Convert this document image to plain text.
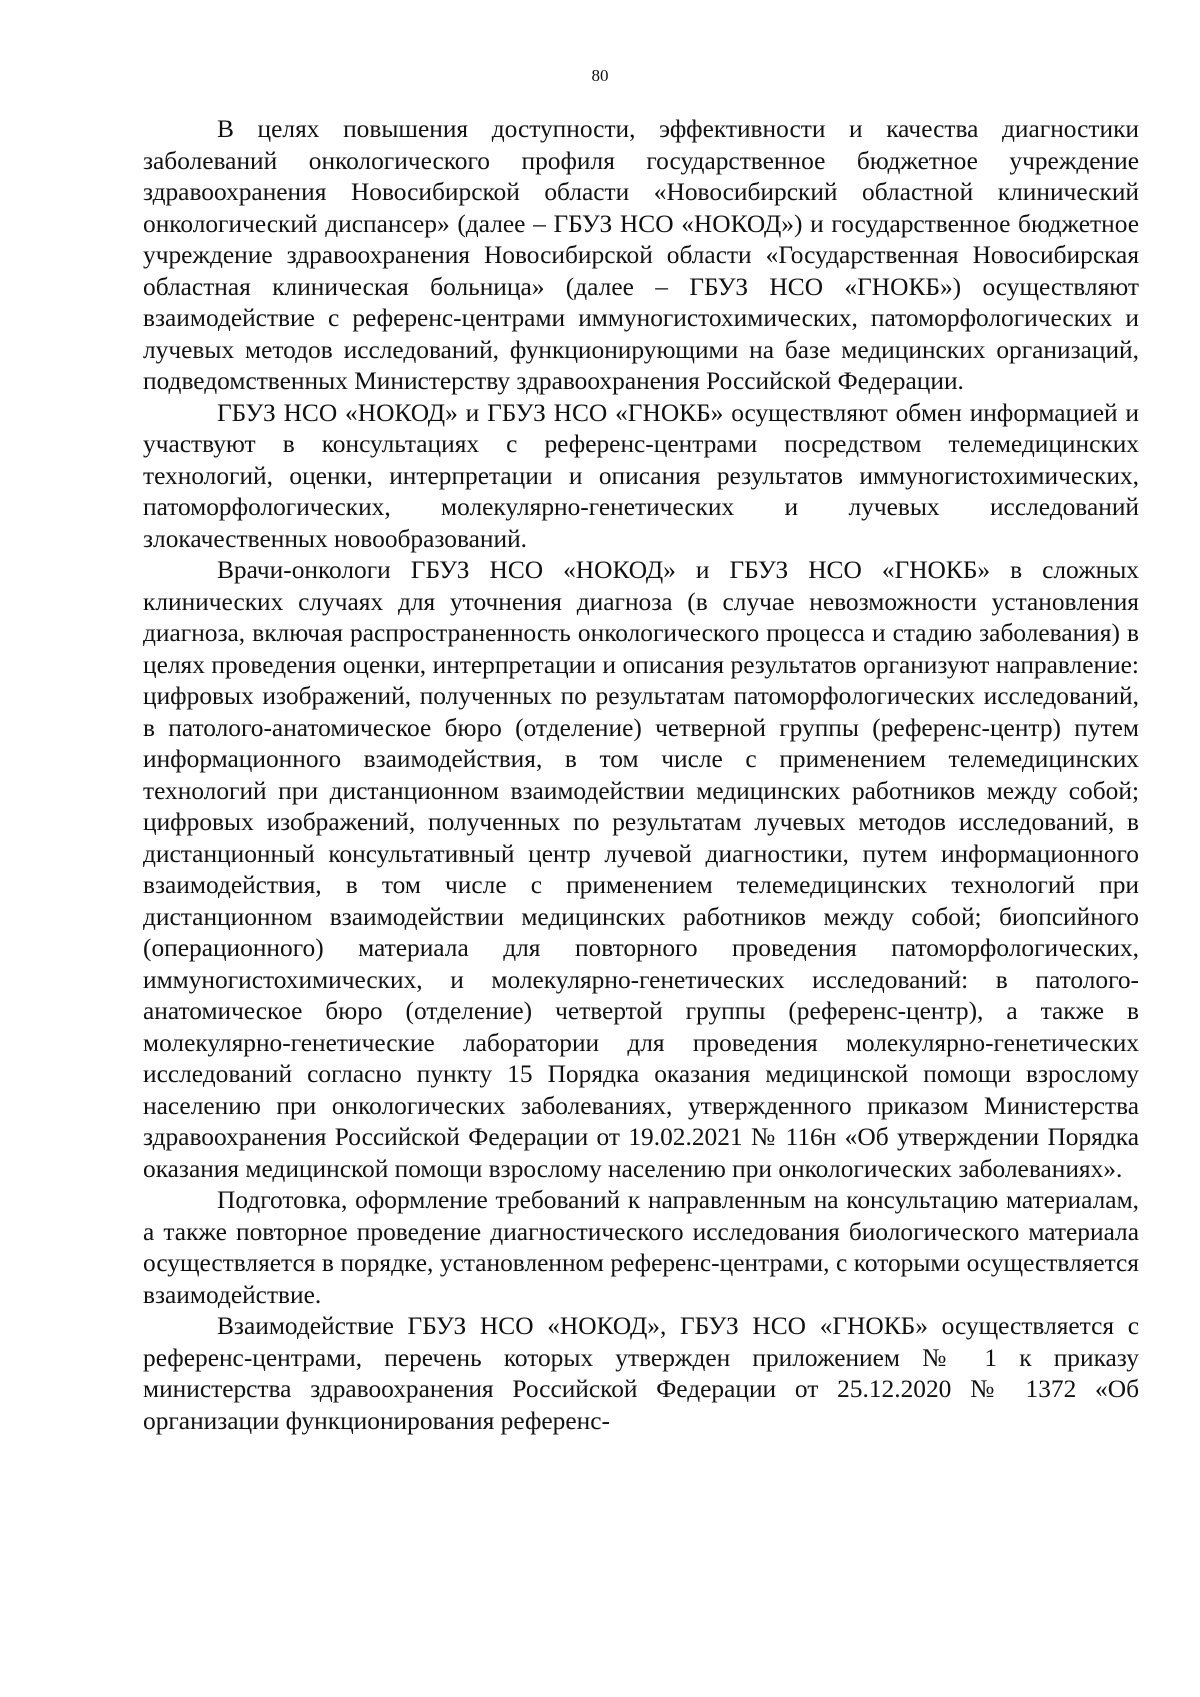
80

В целях повышения доступности, эффективности и качества диагностики заболеваний онкологического профиля государственное бюджетное учреждение здравоохранения Новосибирской области «Новосибирский областной клинический онкологический диспансер» (далее – ГБУЗ НСО «НОКОД») и государственное бюджетное учреждение здравоохранения Новосибирской области «Государственная Новосибирская областная клиническая больница» (далее – ГБУЗ НСО «ГНОКБ») осуществляют взаимодействие с референс-центрами иммуногистохимических, патоморфологических и лучевых методов исследований, функционирующими на базе медицинских организаций, подведомственных Министерству здравоохранения Российской Федерации.

ГБУЗ НСО «НОКОД» и ГБУЗ НСО «ГНОКБ» осуществляют обмен информацией и участвуют в консультациях с референс-центрами посредством телемедицинских технологий, оценки, интерпретации и описания результатов иммуногистохимических, патоморфологических, молекулярно-генетических и лучевых исследований злокачественных новообразований.

Врачи-онкологи ГБУЗ НСО «НОКОД» и ГБУЗ НСО «ГНОКБ» в сложных клинических случаях для уточнения диагноза (в случае невозможности установления диагноза, включая распространенность онкологического процесса и стадию заболевания) в целях проведения оценки, интерпретации и описания результатов организуют направление: цифровых изображений, полученных по результатам патоморфологических исследований, в патолого-анатомическое бюро (отделение) четверной группы (референс-центр) путем информационного взаимодействия, в том числе с применением телемедицинских технологий при дистанционном взаимодействии медицинских работников между собой; цифровых изображений, полученных по результатам лучевых методов исследований, в дистанционный консультативный центр лучевой диагностики, путем информационного взаимодействия, в том числе с применением телемедицинских технологий при дистанционном взаимодействии медицинских работников между собой; биопсийного (операционного) материала для повторного проведения патоморфологических, иммуногистохимических, и молекулярно-генетических исследований: в патолого-анатомическое бюро (отделение) четвертой группы (референс-центр), а также в молекулярно-генетические лаборатории для проведения молекулярно-генетических исследований согласно пункту 15 Порядка оказания медицинской помощи взрослому населению при онкологических заболеваниях, утвержденного приказом Министерства здравоохранения Российской Федерации от 19.02.2021 № 116н «Об утверждении Порядка оказания медицинской помощи взрослому населению при онкологических заболеваниях».

Подготовка, оформление требований к направленным на консультацию материалам, а также повторное проведение диагностического исследования биологического материала осуществляется в порядке, установленном референс-центрами, с которыми осуществляется взаимодействие.

Взаимодействие ГБУЗ НСО «НОКОД», ГБУЗ НСО «ГНОКБ» осуществляется с референс-центрами, перечень которых утвержден приложением № 1 к приказу министерства здравоохранения Российской Федерации от 25.12.2020 № 1372 «Об организации функционирования референс-
